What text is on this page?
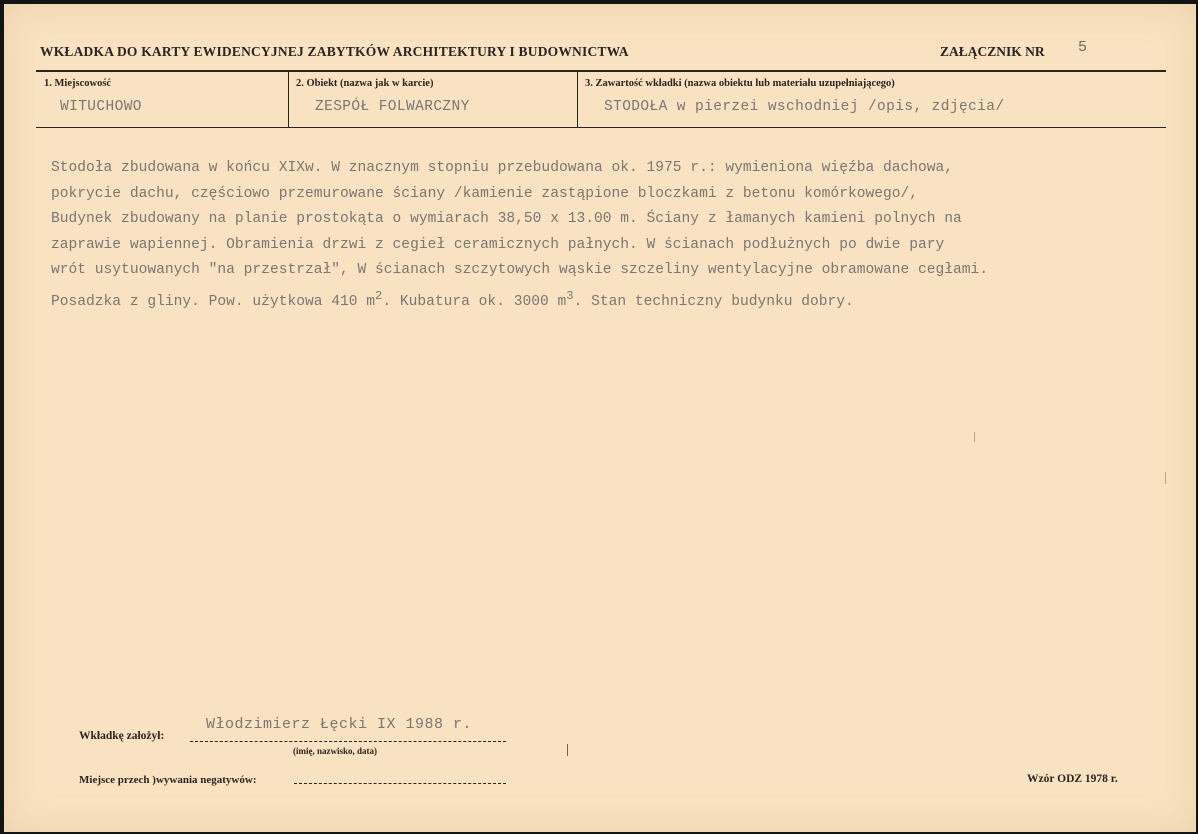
WKŁADKA DO KARTY EWIDENCYJNEJ ZABYTKÓW ARCHITEKTURY I BUDOWNICTWA	ZAŁĄCZNIK NR 5
1. Miejscowość
WITUCHOWO
2. Obiekt (nazwa jak w karcie)
ZESPÓŁ FOLWARCZNY
3. Zawartość wkładki (nazwa obiektu lub materiału uzupełniającego)
STODOŁA w pierzei wschodniej /opis, zdjęcia/

Stodoła zbudowana w końcu XIXw. W znacznym stopniu przebudowana ok. 1975 r.: wymieniona więźba dachowa,

pokrycie dachu, częściowo przemurowane ściany /kamienie zastąpione bloczkami z betonu komórkowego/,

Budynek zbudowany na planie prostokąta o wymiarach 38,50 x 13.00 m. Ściany z łamanych kamieni polnych na

zaprawie wapiennej. Obramienia drzwi z cegieł ceramicznych pałnych. W ścianach podłużnych po dwie pary

wrót usytuowanych "na przestrzał", W ścianach szczytowych wąskie szczeliny wentylacyjne obramowane cegłami.

Posadzka z gliny. Pow. użytkowa 410 $m^2$. Kubatura ok. 3000 $m^3$. Stan techniczny budynku dobry.

Wkładkę założył:
Włodzimierz Łęcki IX 1988 r.
(imię, nazwisko, data)
Miejsce przech )wywania negatywów:	Wzór ODZ 1978 r.
